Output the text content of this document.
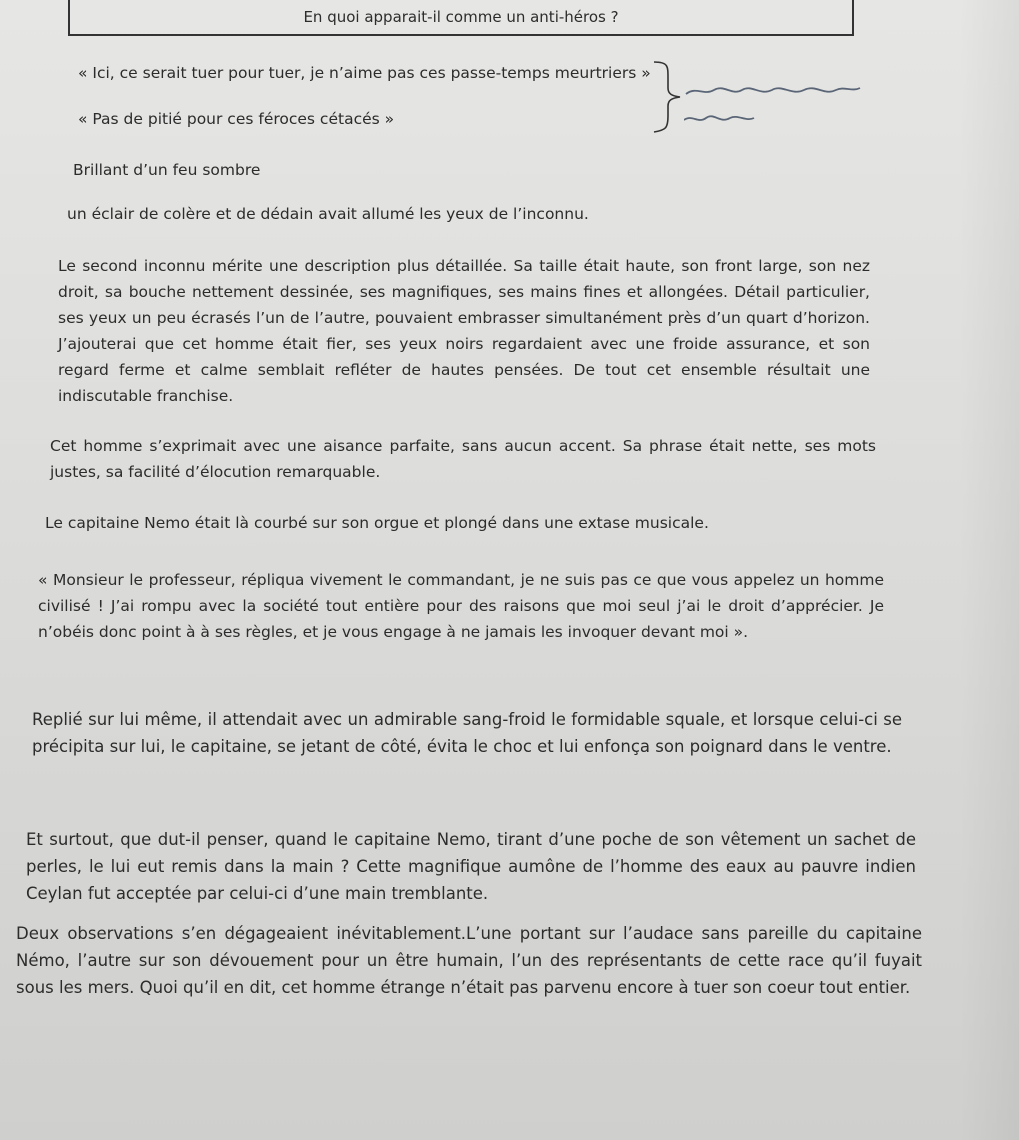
En quoi apparait-il comme un anti-héros ?

« Ici, ce serait tuer pour tuer, je n’aime pas ces passe-temps meurtriers »

« Pas de pitié pour ces féroces cétacés »

Brillant d’un feu sombre

un éclair de colère et de dédain avait allumé les yeux de l’inconnu.

Le second inconnu mérite une description plus détaillée. Sa taille était haute, son front large, son nez droit, sa bouche nettement dessinée, ses magnifiques, ses mains fines et allongées. Détail particulier, ses yeux un peu écrasés l’un de l’autre, pouvaient embrasser simultanément près d’un quart d’horizon. J’ajouterai que cet homme était fier, ses yeux noirs regardaient avec une froide assurance, et son regard ferme et calme semblait refléter de hautes pensées. De tout cet ensemble résultait une indiscutable franchise.

Cet homme s’exprimait avec une aisance parfaite, sans aucun accent. Sa phrase était nette, ses mots justes, sa facilité d’élocution remarquable.

Le capitaine Nemo était là courbé sur son orgue et plongé dans une extase musicale.

« Monsieur le professeur, répliqua vivement le commandant, je ne suis pas ce que vous appelez un homme civilisé ! J’ai rompu avec la société tout entière pour des raisons que moi seul j’ai le droit d’apprécier. Je n’obéis donc point à à ses règles, et je vous engage à ne jamais les invoquer devant moi ».

Replié sur lui même, il attendait avec un admirable sang-froid le formidable squale, et lorsque celui-ci se précipita sur lui, le capitaine, se jetant de côté, évita le choc et lui enfonça son poignard dans le ventre.

Et surtout, que dut-il penser, quand le capitaine Nemo, tirant d’une poche de son vêtement un sachet de perles, le lui eut remis dans la main ? Cette magnifique aumône de l’homme des eaux au pauvre indien Ceylan fut acceptée par celui-ci d’une main tremblante.

Deux observations s’en dégageaient inévitablement.L’une portant sur l’audace sans pareille du capitaine Némo, l’autre sur son dévouement pour un être humain, l’un des représentants de cette race qu’il fuyait sous les mers. Quoi qu’il en dit, cet homme étrange n’était pas parvenu encore à tuer son coeur tout entier.
